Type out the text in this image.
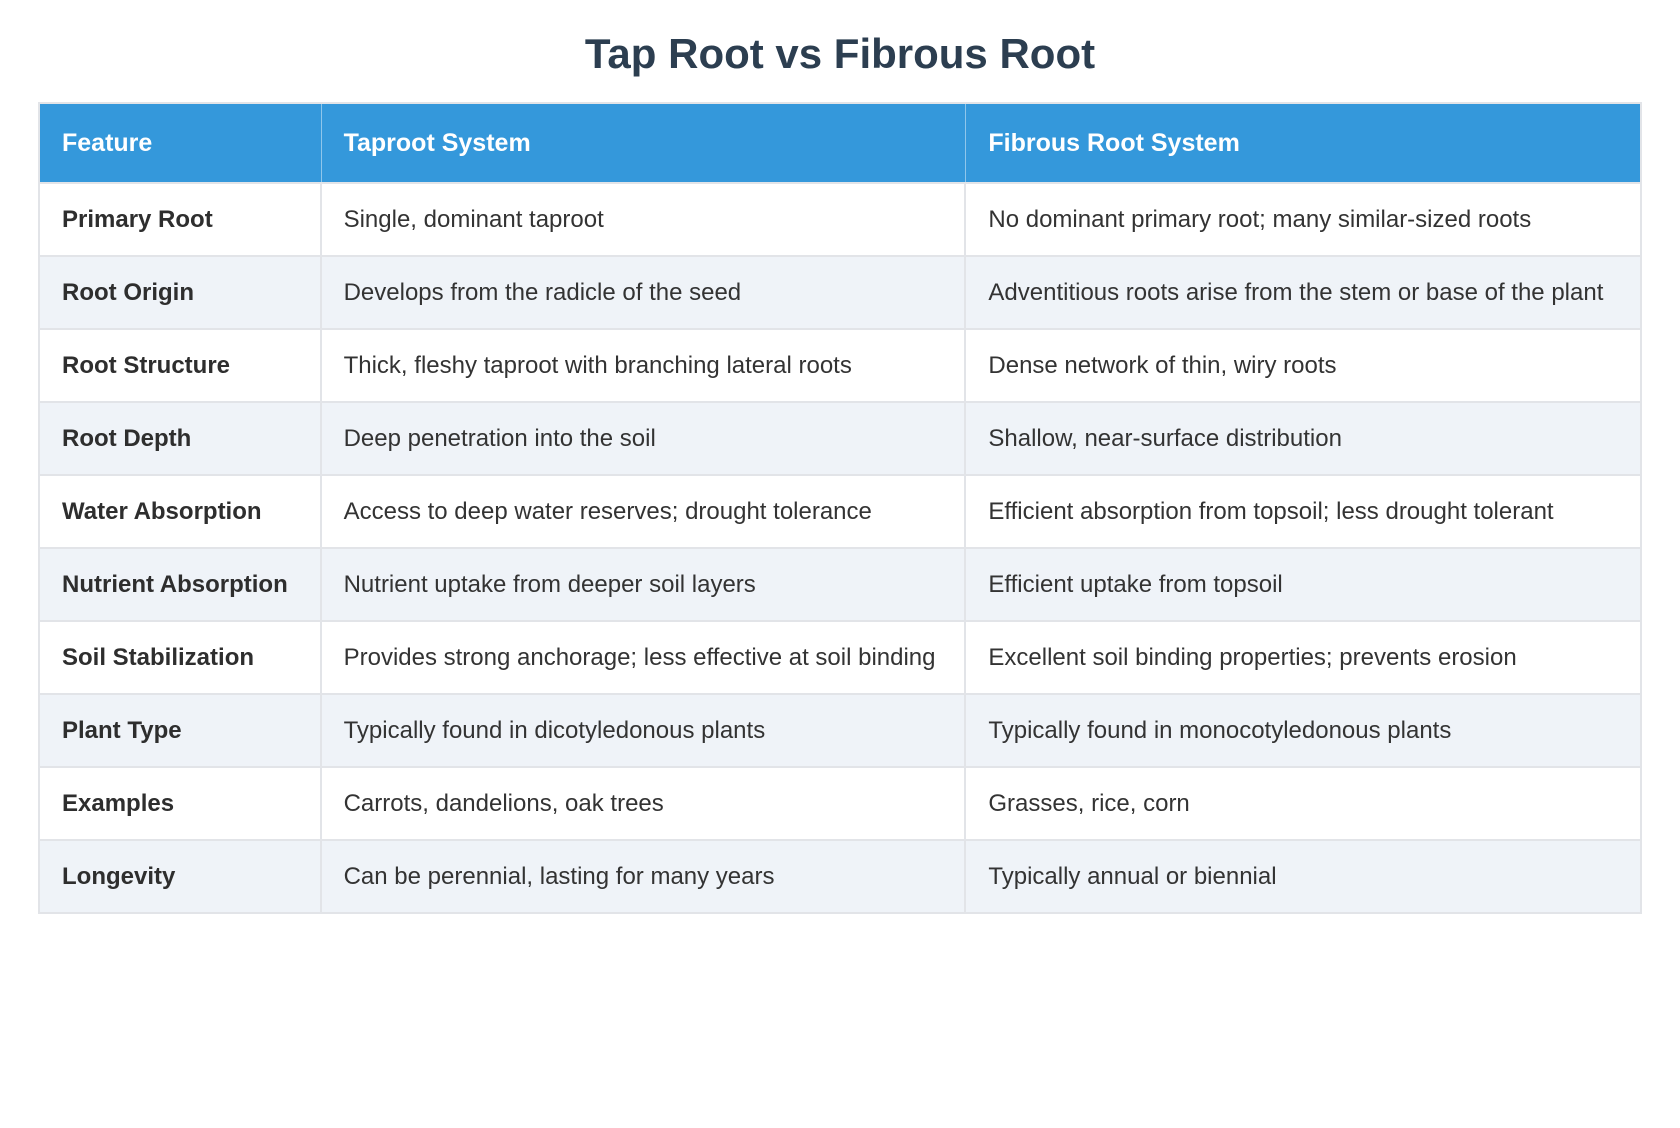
Tap Root vs Fibrous Root
Feature	Taproot System	Fibrous Root System
Primary Root	Single, dominant taproot	No dominant primary root; many similar-sized roots
Root Origin	Develops from the radicle of the seed	Adventitious roots arise from the stem or base of the plant
Root Structure	Thick, fleshy taproot with branching lateral roots	Dense network of thin, wiry roots
Root Depth	Deep penetration into the soil	Shallow, near-surface distribution
Water Absorption	Access to deep water reserves; drought tolerance	Efficient absorption from topsoil; less drought tolerant
Nutrient Absorption	Nutrient uptake from deeper soil layers	Efficient uptake from topsoil
Soil Stabilization	Provides strong anchorage; less effective at soil binding	Excellent soil binding properties; prevents erosion
Plant Type	Typically found in dicotyledonous plants	Typically found in monocotyledonous plants
Examples	Carrots, dandelions, oak trees	Grasses, rice, corn
Longevity	Can be perennial, lasting for many years	Typically annual or biennial
